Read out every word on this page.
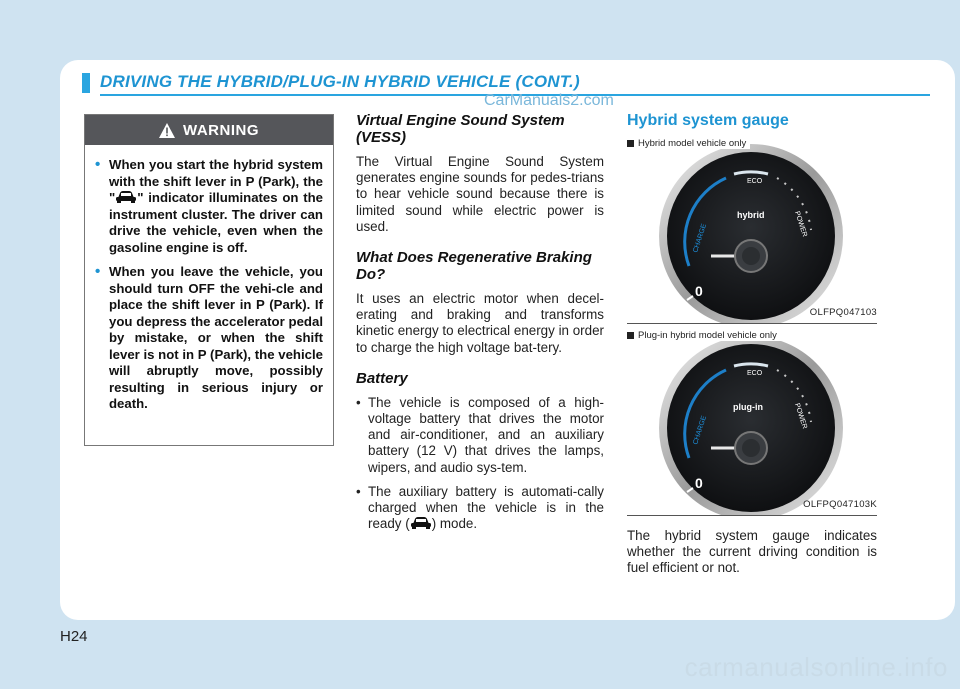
DRIVING THE HYBRID/PLUG-IN HYBRID VEHICLE (CONT.)
CarManuals2.com
WARNING
• When you start the hybrid system with the shift lever in P (Park), the " " indicator illuminates on the instrument cluster. The driver can drive the vehicle, even when the gasoline engine is off.
• When you leave the vehicle, you should turn OFF the vehi-cle and place the shift lever in P (Park). If you depress the accelerator pedal by mistake, or when the shift lever is not in P (Park), the vehicle will abruptly move, possibly resulting in serious injury or death.
Virtual Engine Sound System (VESS)

The Virtual Engine Sound System generates engine sounds for pedes-trians to hear vehicle sound because there is limited sound while electric power is used.

What Does Regenerative Braking Do?

It uses an electric motor when decel-erating and braking and transforms kinetic energy to electrical energy in order to charge the high voltage bat-tery.

Battery
• The vehicle is composed of a high-voltage battery that drives the motor and air-conditioner, and an auxiliary battery (12 V) that drives the lamps, wipers, and audio sys-tem.
• The auxiliary battery is automati-cally charged when the vehicle is in the ready ( ) mode.
Hybrid system gauge
ECO
CHARGE	POWER
hybrid
0
Hybrid model vehicle only
OLFPQ047103
ECO
CHARGE	POWER
plug-in
0
Plug-in hybrid model vehicle only
OLFPQ047103K

The hybrid system gauge indicates whether the current driving condition is fuel efficient or not.

H24
carmanualsonline.info
